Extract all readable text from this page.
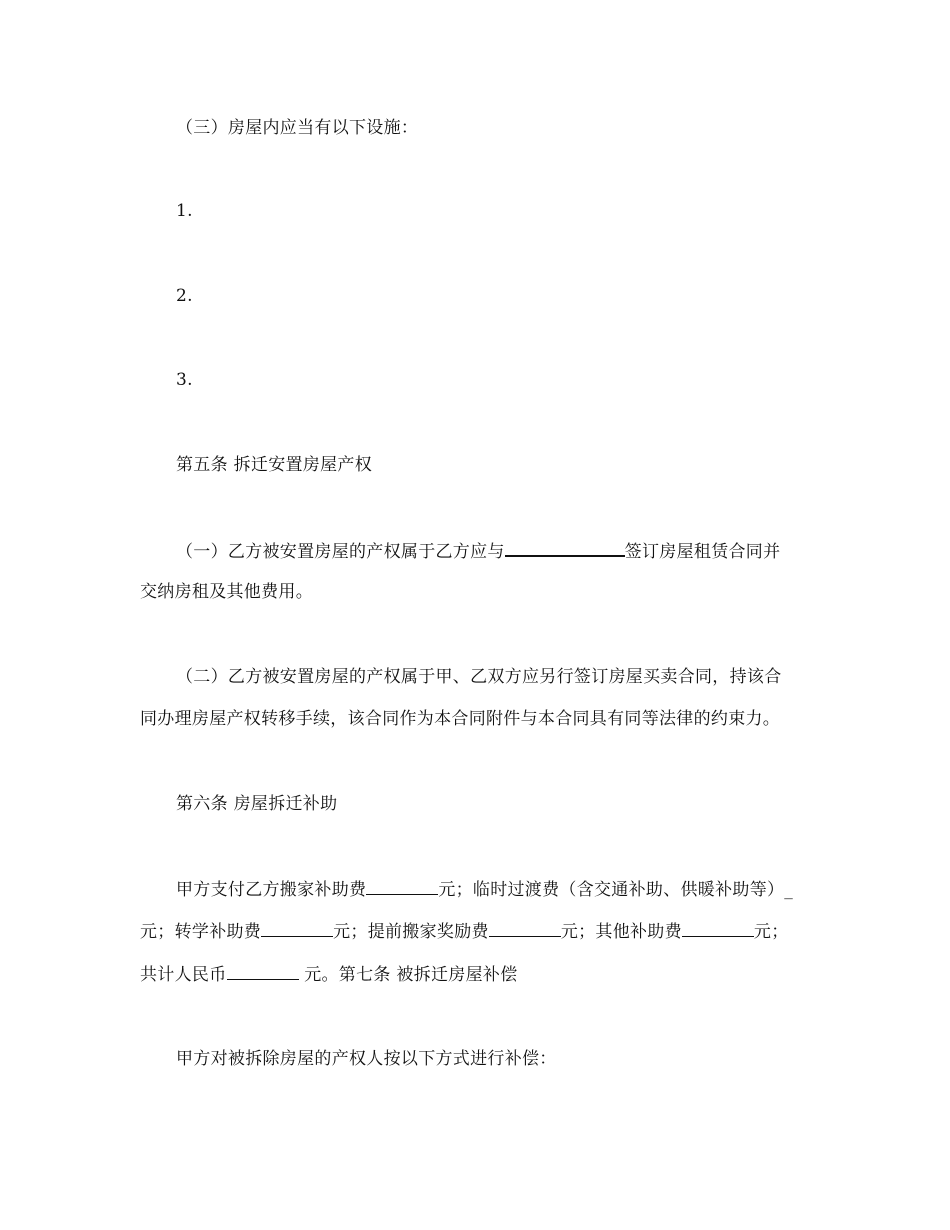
（三）房屋内应当有以下设施：
1.
2.
3.
第五条 拆迁安置房屋产权
（一）乙方被安置房屋的产权属于乙方应与	签订房屋租赁合同并
交纳房租及其他费用。
（二）乙方被安置房屋的产权属于甲、乙双方应另行签订房屋买卖合同，持该合
同办理房屋产权转移手续，该合同作为本合同附件与本合同具有同等法律的约束力。
第六条 房屋拆迁补助
甲方支付乙方搬家补助费	元；临时过渡费（含交通补助、供暖补助等）_
元；转学补助费	元；提前搬家奖励费	元；其他补助费	元；
共计人民币	元。第七条 被拆迁房屋补偿
甲方对被拆除房屋的产权人按以下方式进行补偿：
